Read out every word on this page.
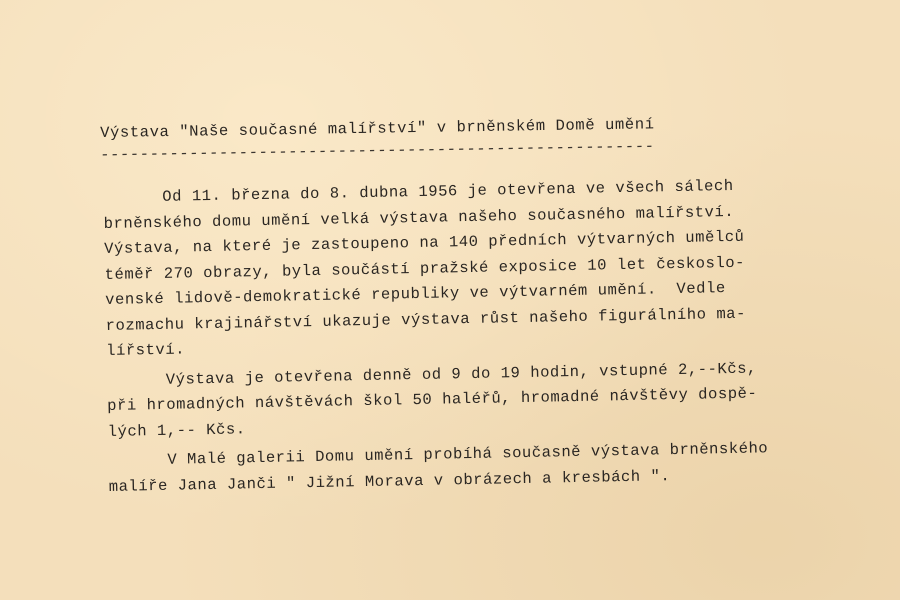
Výstava "Naše současné malířství" v brněnském Domě umění
--------------------------------------------------------
Od 11. března do 8. dubna 1956 je otevřena ve všech sálech
brněnského domu umění velká výstava našeho současného malířství.
Výstava, na které je zastoupeno na 140 předních výtvarných umělců
téměř 270 obrazy, byla součástí pražské exposice 10 let českoslo-
venské lidově-demokratické republiky ve výtvarném umění.  Vedle
rozmachu krajinářství ukazuje výstava růst našeho figurálního ma-
lířství.
Výstava je otevřena denně od 9 do 19 hodin, vstupné 2,--Kčs,
při hromadných návštěvách škol 50 haléřů, hromadné návštěvy dospě-
lých 1,-- Kčs.
V Malé galerii Domu umění probíhá současně výstava brněnského
malíře Jana Janči " Jižní Morava v obrázech a kresbách ".
